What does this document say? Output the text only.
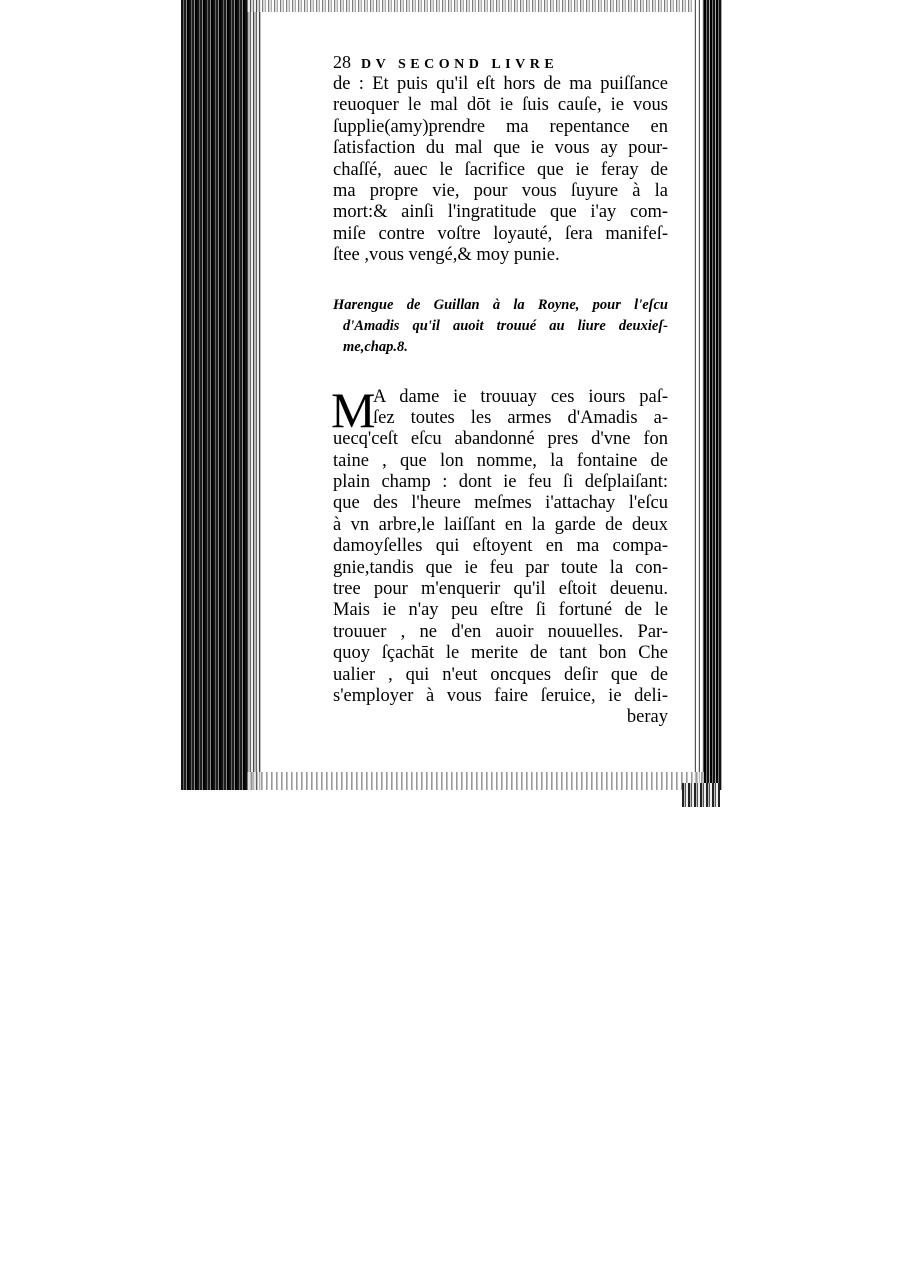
28 DV SECOND LIVRE
de : Et puis qu'il eſt hors de ma puiſſance
reuoquer le mal dōt ie ſuis cauſe, ie vous
ſupplie(amy)prendre ma repentance en
ſatisfaction du mal que ie vous ay pour-
chaſſé, auec le ſacrifice que ie feray de
ma propre vie, pour vous ſuyure à la
mort:& ainſi l'ingratitude que i'ay com-
miſe contre voſtre loyauté, ſera manifeſ-
ſtee ,vous vengé,& moy punie.
Harengue de Guillan à la Royne, pour l'eſcu
d'Amadis qu'il auoit trouué au liure deuxieſ-
me,chap.8.
M
A dame ie trouuay ces iours paſ-
ſez toutes les armes d'Amadis a-
uecq'ceſt eſcu abandonné pres d'vne fon
taine , que lon nomme, la fontaine de
plain champ : dont ie feu ſi deſplaiſant:
que des l'heure meſmes i'attachay l'eſcu
à vn arbre,le laiſſant en la garde de deux
damoyſelles qui eſtoyent en ma compa-
gnie,tandis que ie feu par toute la con-
tree pour m'enquerir qu'il eſtoit deuenu.
Mais ie n'ay peu eſtre ſi fortuné de le
trouuer , ne d'en auoir nouuelles. Par-
quoy ſçachāt le merite de tant bon Che
ualier , qui n'eut oncques deſir que de
s'employer à vous faire ſeruice, ie deli-
beray
